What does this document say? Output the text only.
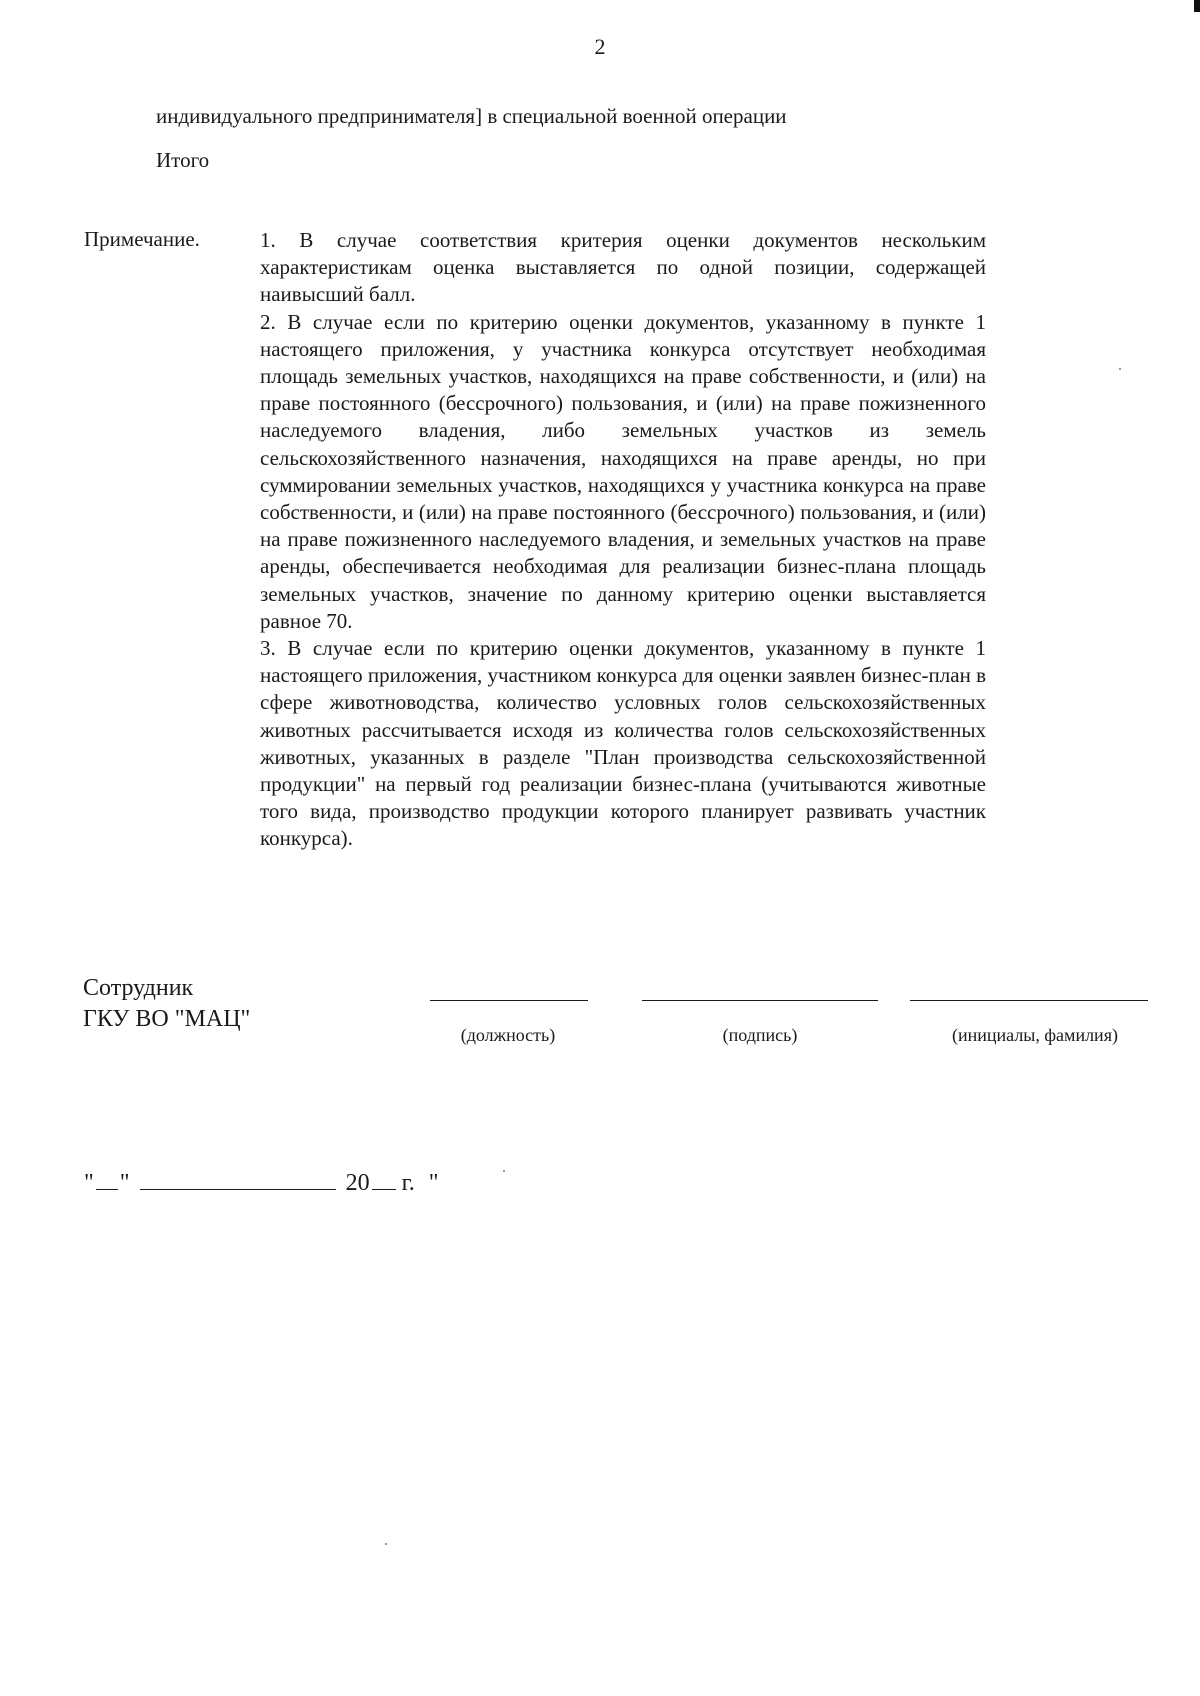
2

индивидуального предпринимателя] в специальной военной операции

Итого

Примечание.	1. В случае соответствия критерия оценки документов нескольким характеристикам оценка выставляется по одной позиции, содержащей наивысший балл.

2. В случае если по критерию оценки документов, указанному в пункте 1 настоящего приложения, у участника конкурса отсутствует необходимая площадь земельных участков, находящихся на праве собственности, и (или) на праве постоянного (бессрочного) пользования, и (или) на праве пожизненного наследуемого владения, либо земельных участков из земель сельскохозяйственного назначения, находящихся на праве аренды, но при суммировании земельных участков, находящихся у участника конкурса на праве собственности, и (или) на праве постоянного (бессрочного) пользования, и (или) на праве пожизненного наследуемого владения, и земельных участков на праве аренды, обеспечивается необходимая для реализации бизнес-плана площадь земельных участков, значение по данному критерию оценки выставляется равное 70.

3. В случае если по критерию оценки документов, указанному в пункте 1 настоящего приложения, участником конкурса для оценки заявлен бизнес-план в сфере животноводства, количество условных голов сельскохозяйственных животных рассчитывается исходя из количества голов сельскохозяйственных животных, указанных в разделе "План производства сельскохозяйственной продукции" на первый год реализации бизнес-плана (учитываются животные того вида, производство продукции которого планирует развивать участник конкурса).

Сотрудник
ГКУ ВО "МАЦ"
(должность)	(подпись)	(инициалы, фамилия)
" "	20 г. "
